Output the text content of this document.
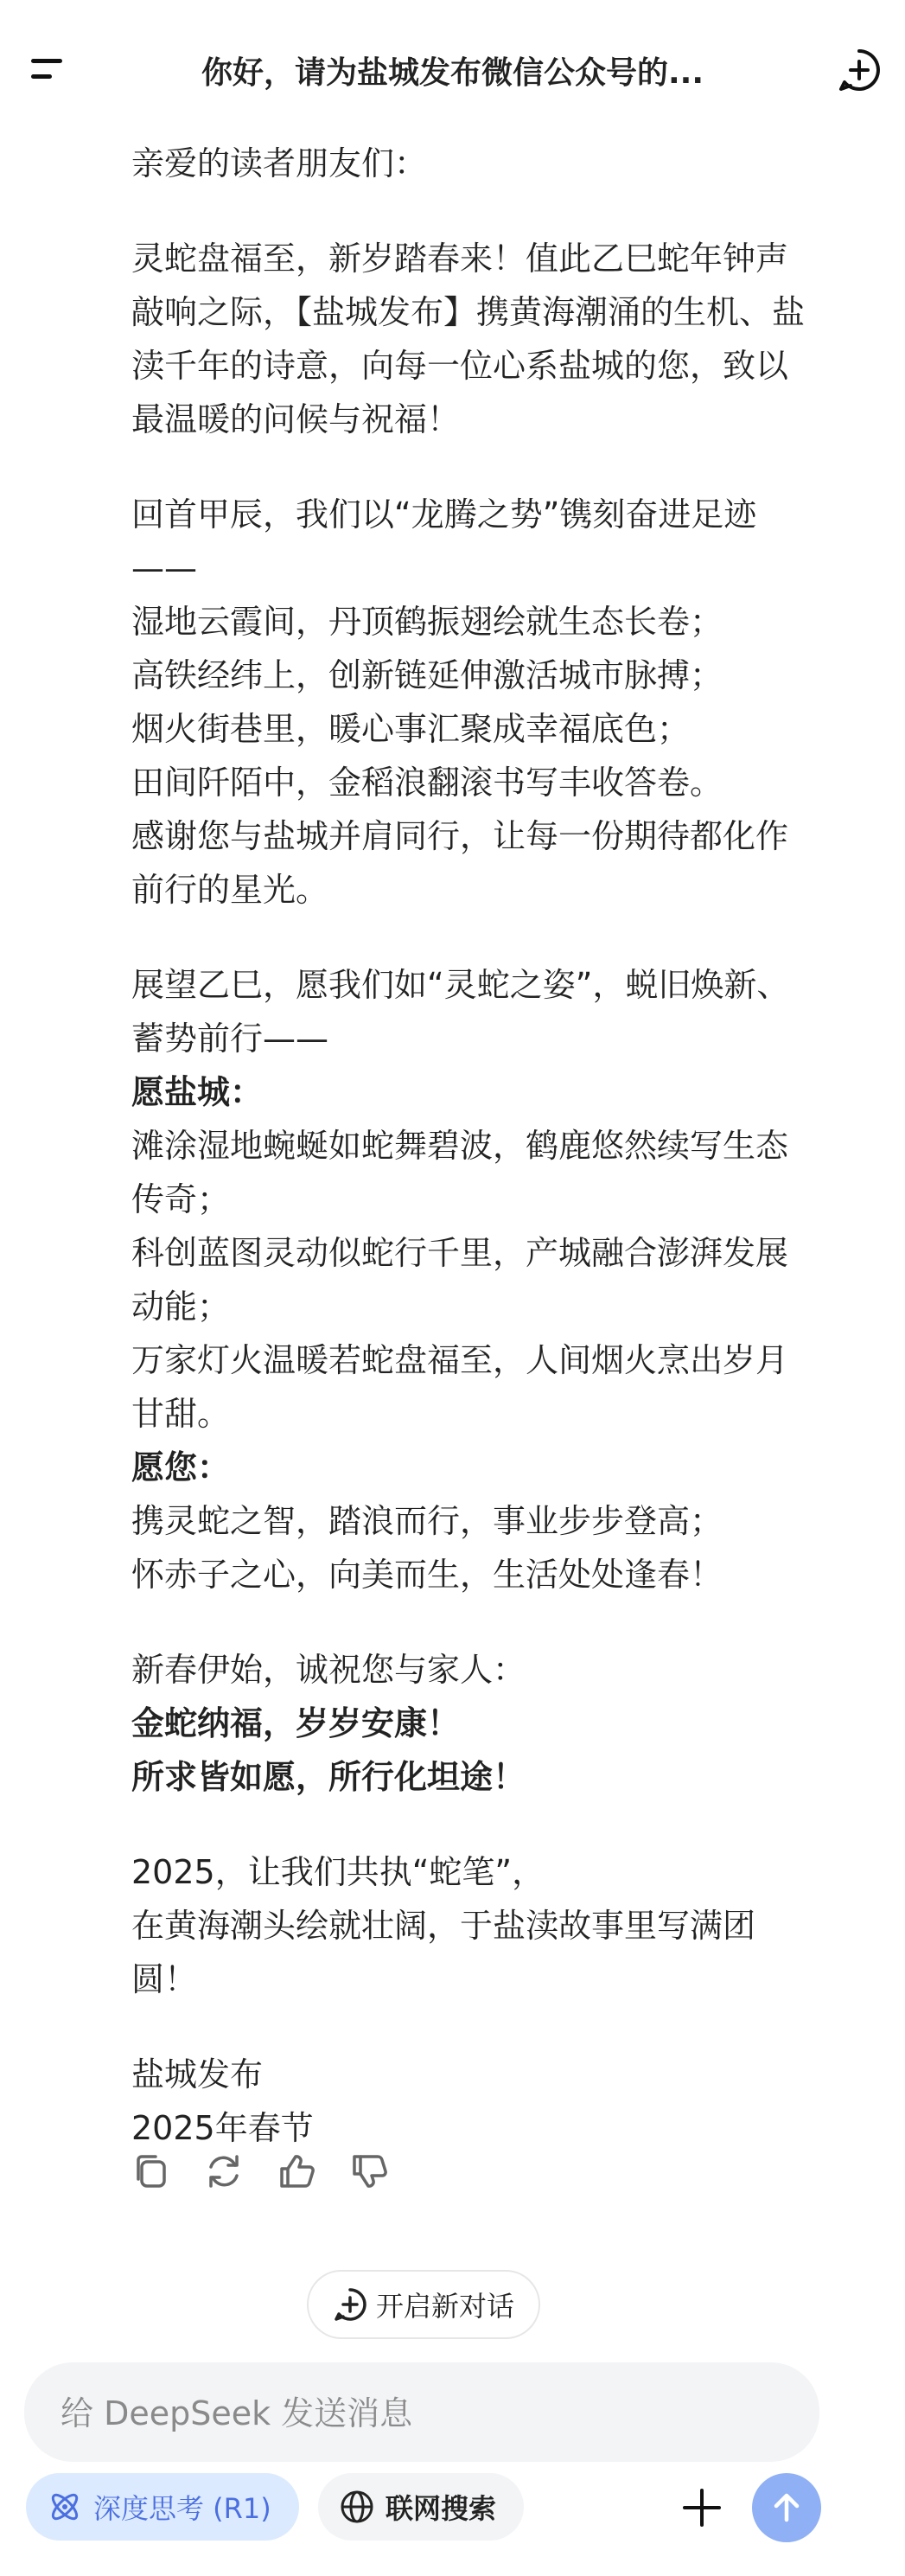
你好，请为盐城发布微信公众号的...

亲爱的读者朋友们：

灵蛇盘福至，新岁踏春来！值此乙巳蛇年钟声

敲响之际，【盐城发布】携黄海潮涌的生机、盐

渎千年的诗意，向每一位心系盐城的您，致以

最温暖的问候与祝福！

回首甲辰，我们以“龙腾之势”镌刻奋进足迹

——

湿地云霞间，丹顶鹤振翅绘就生态长卷；

高铁经纬上，创新链延伸激活城市脉搏；

烟火街巷里，暖心事汇聚成幸福底色；

田间阡陌中，金稻浪翻滚书写丰收答卷。

感谢您与盐城并肩同行，让每一份期待都化作

前行的星光。

展望乙巳，愿我们如“灵蛇之姿”，蜕旧焕新、

蓄势前行——

愿盐城：

滩涂湿地蜿蜒如蛇舞碧波，鹤鹿悠然续写生态

传奇；

科创蓝图灵动似蛇行千里，产城融合澎湃发展

动能；

万家灯火温暖若蛇盘福至，人间烟火烹出岁月

甘甜。

愿您：

携灵蛇之智，踏浪而行，事业步步登高；

怀赤子之心，向美而生，生活处处逢春！

新春伊始，诚祝您与家人：

金蛇纳福，岁岁安康！

所求皆如愿，所行化坦途！

2025，让我们共执“蛇笔”，

在黄海潮头绘就壮阔，于盐渎故事里写满团

圆！

盐城发布

2025年春节

开启新对话
给 DeepSeek 发送消息
深度思考 (R1)	联网搜索
